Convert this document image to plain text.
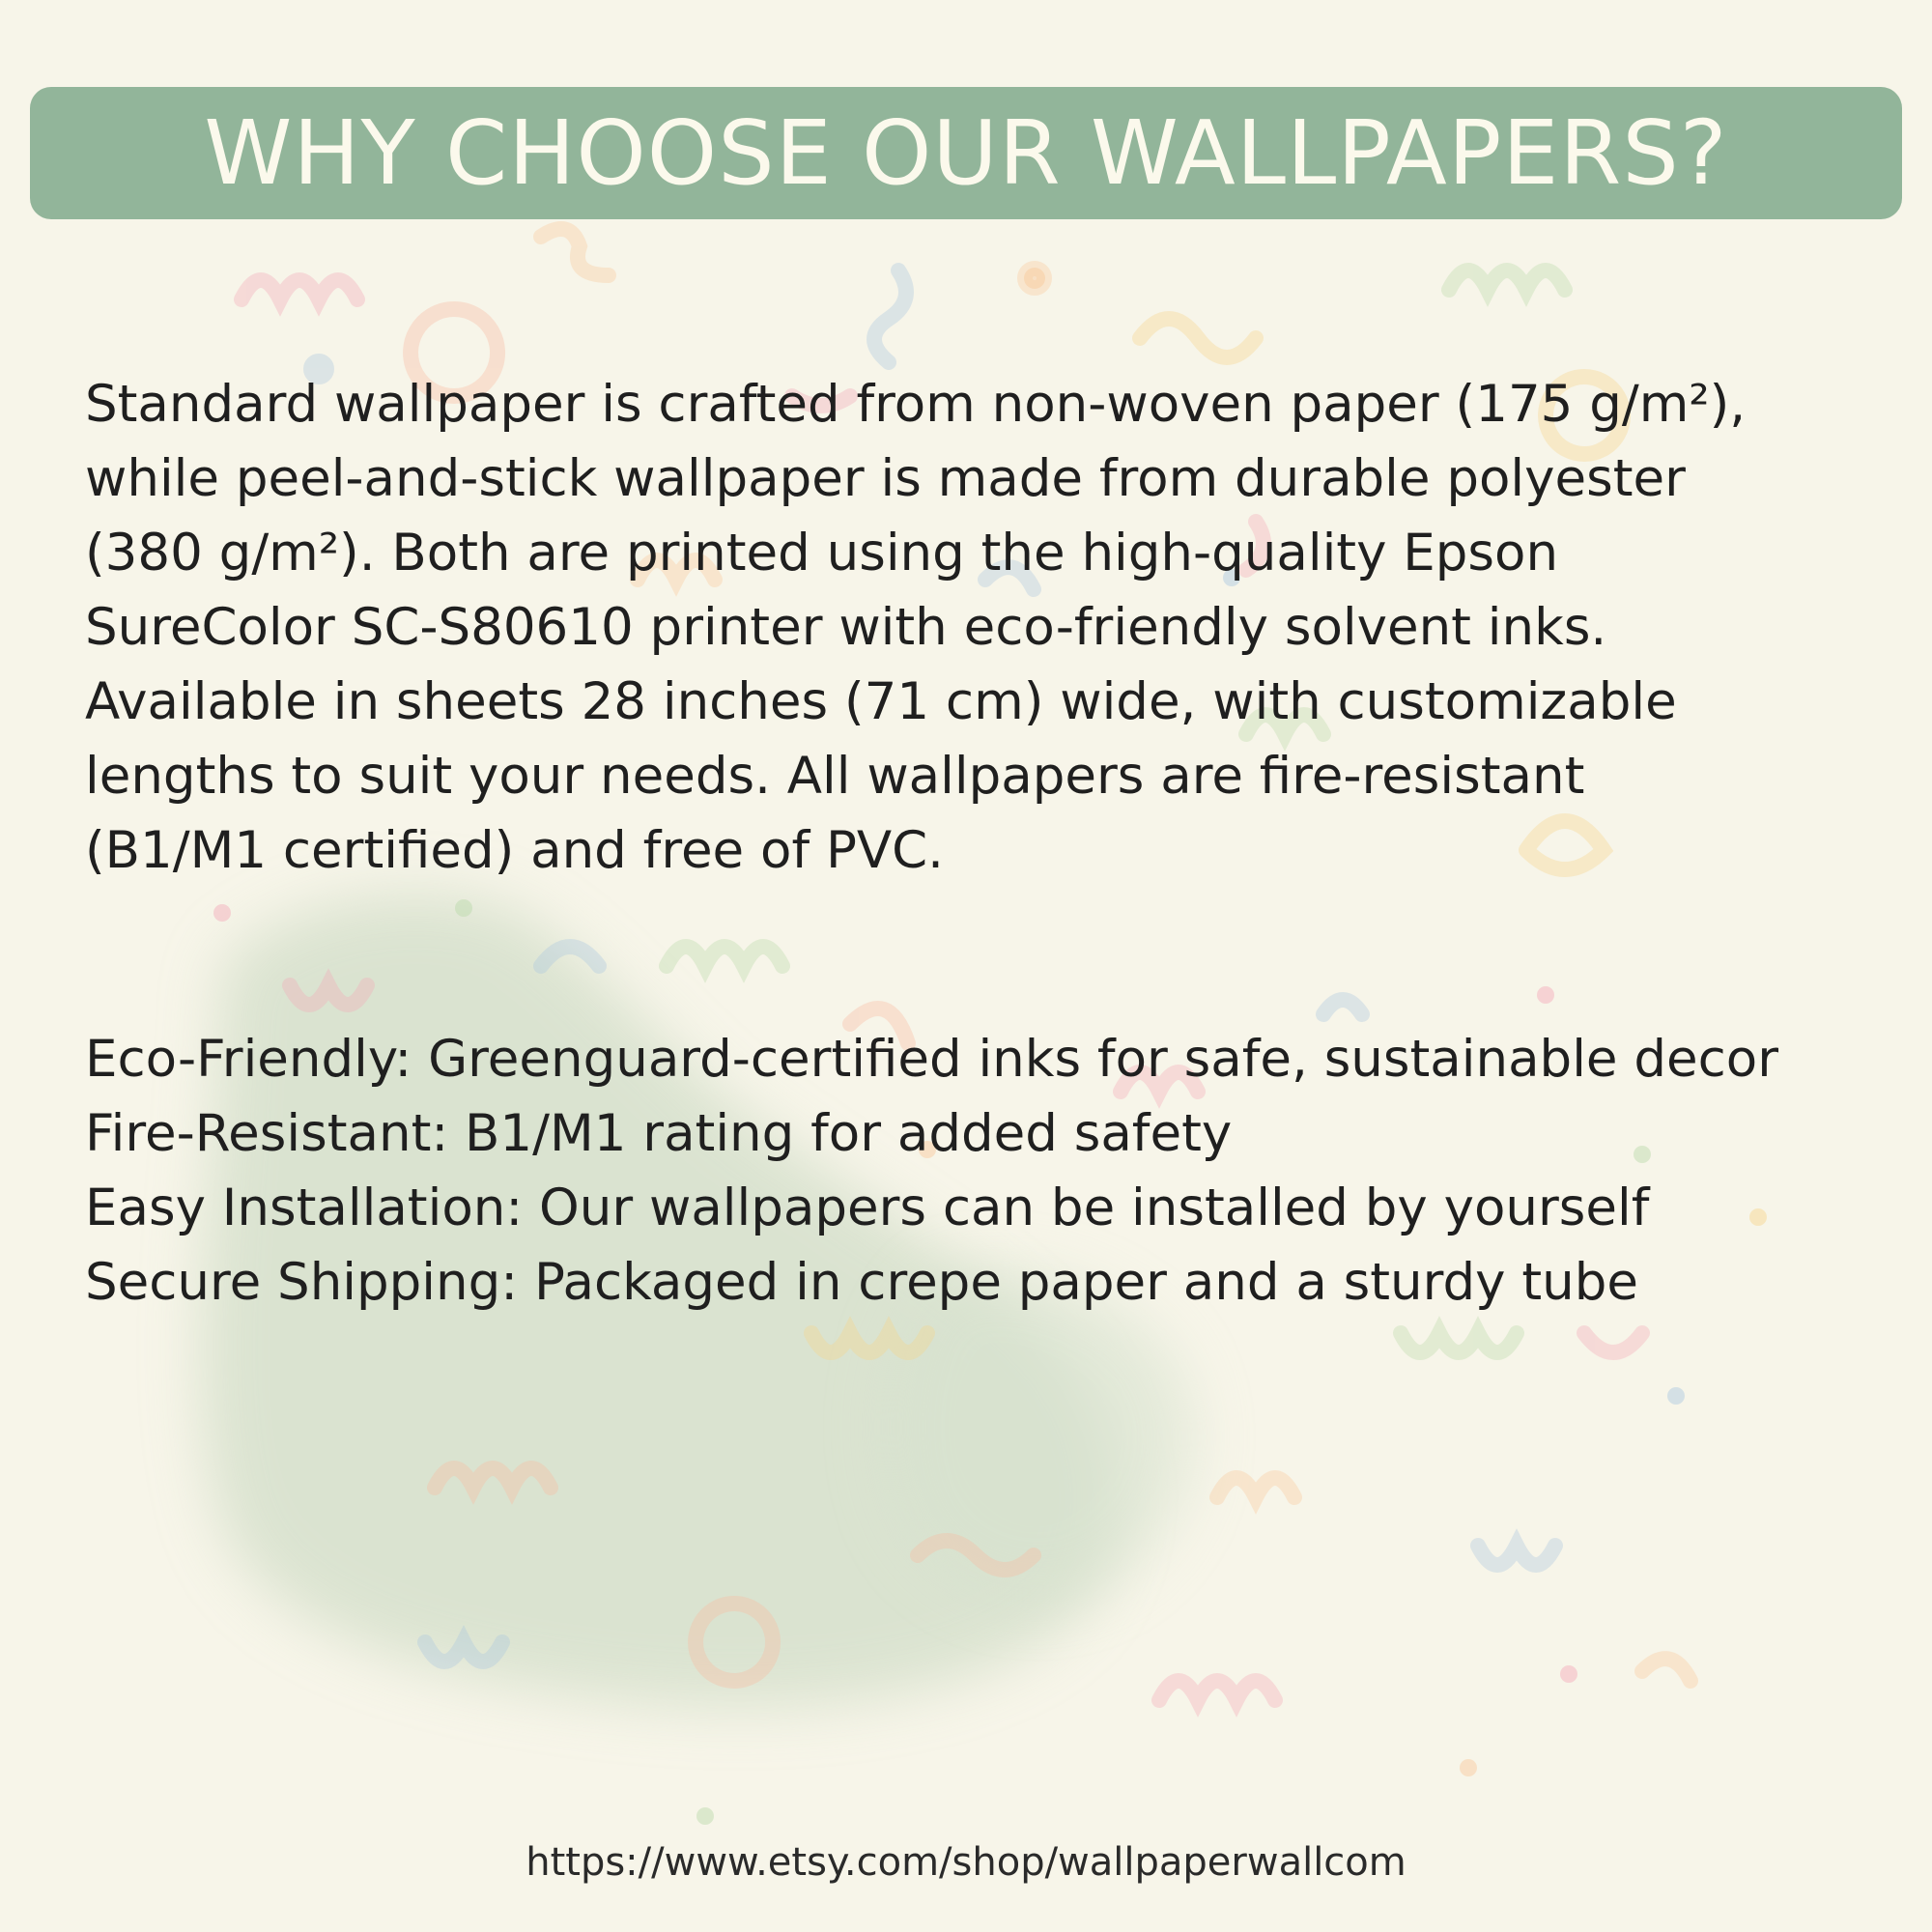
WHY CHOOSE OUR WALLPAPERS?
Standard wallpaper is crafted from non-woven paper (175 g/m²),
while peel-and-stick wallpaper is made from durable polyester
(380 g/m²). Both are printed using the high-quality Epson
SureColor SC-S80610 printer with eco-friendly solvent inks.
Available in sheets 28 inches (71 cm) wide, with customizable
lengths to suit your needs. All wallpapers are fire-resistant
(B1/M1 certified) and free of PVC.
Eco-Friendly: Greenguard-certified inks for safe, sustainable decor
Fire-Resistant: B1/M1 rating for added safety
Easy Installation: Our wallpapers can be installed by yourself
Secure Shipping: Packaged in crepe paper and a sturdy tube
https://www.etsy.com/shop/wallpaperwallcom
